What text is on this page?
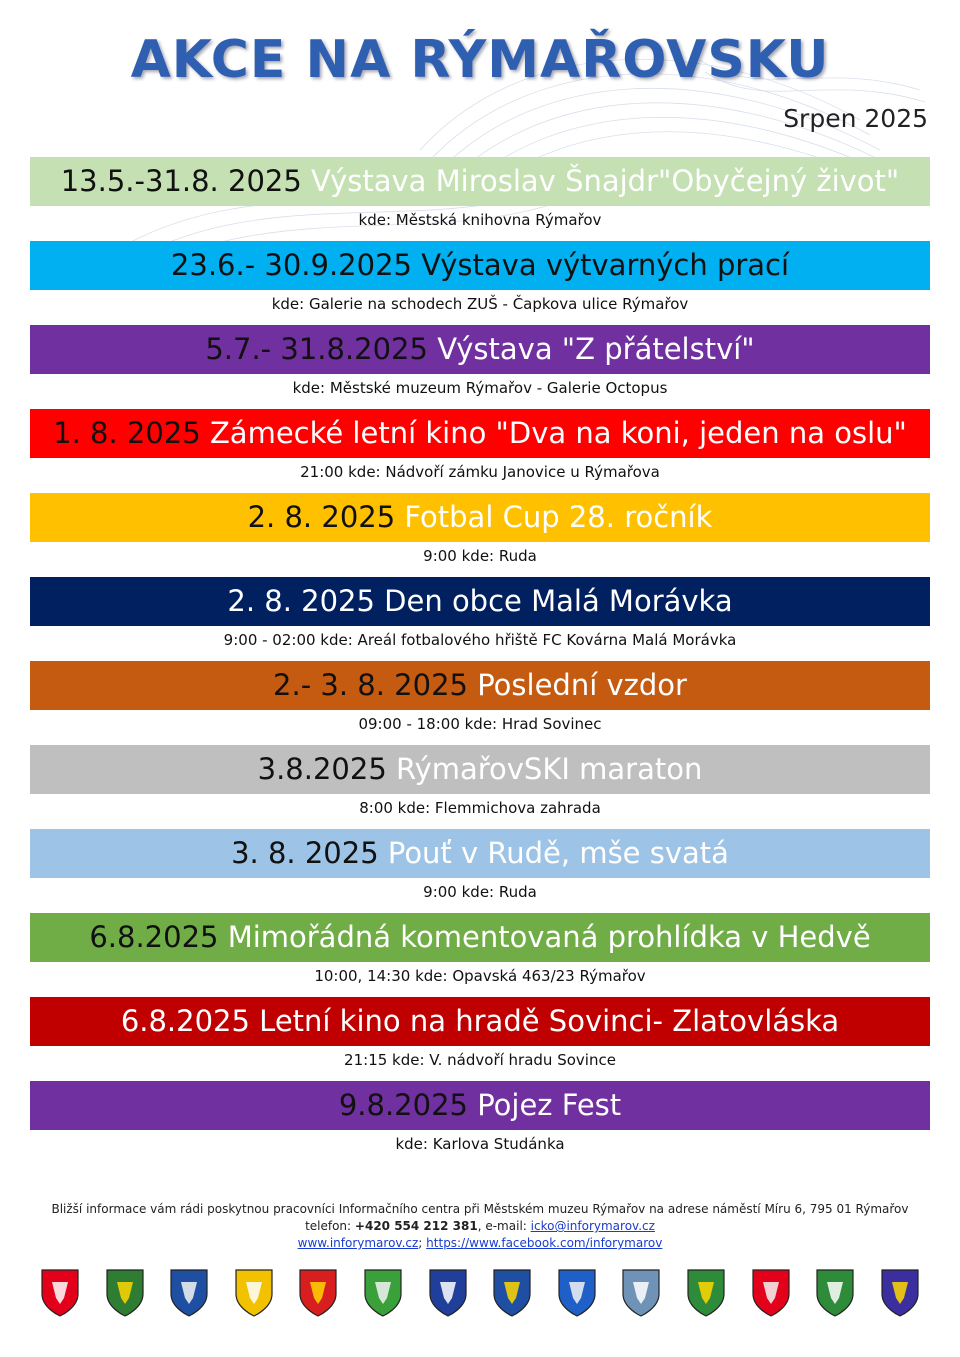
AKCE NA RÝMAŘOVSKU
Srpen 2025
13.5.-31.8. 2025 Výstava Miroslav Šnajdr"Obyčejný život"
kde: Městská knihovna Rýmařov
23.6.- 30.9.2025 Výstava výtvarných prací
kde: Galerie na schodech ZUŠ - Čapkova ulice Rýmařov
5.7.- 31.8.2025 Výstava "Z přátelství"
kde: Městské muzeum Rýmařov - Galerie Octopus
1. 8. 2025 Zámecké letní kino "Dva na koni, jeden na oslu"
21:00 kde: Nádvoří zámku Janovice u Rýmařova
2. 8. 2025 Fotbal Cup 28. ročník
9:00 kde: Ruda
2. 8. 2025 Den obce Malá Morávka
9:00 - 02:00 kde: Areál fotbalového hřiště FC Kovárna Malá Morávka
2.- 3. 8. 2025 Poslední vzdor
09:00 - 18:00 kde: Hrad Sovinec
3.8.2025 RýmařovSKI maraton
8:00 kde: Flemmichova zahrada
3. 8. 2025 Pouť v Rudě, mše svatá
9:00 kde: Ruda
6.8.2025 Mimořádná komentovaná prohlídka v Hedvě
10:00, 14:30 kde: Opavská 463/23 Rýmařov
6.8.2025 Letní kino na hradě Sovinci- Zlatovláska
21:15 kde: V. nádvoří hradu Sovince
9.8.2025 Pojez Fest
kde: Karlova Studánka
Bližší informace vám rádi poskytnou pracovníci Informačního centra při Městském muzeu Rýmařov na adrese náměstí Míru 6, 795 01 Rýmařov
telefon: +420 554 212 381, e-mail: icko@inforymarov.cz
www.inforymarov.cz; https://www.facebook.com/inforymarov
